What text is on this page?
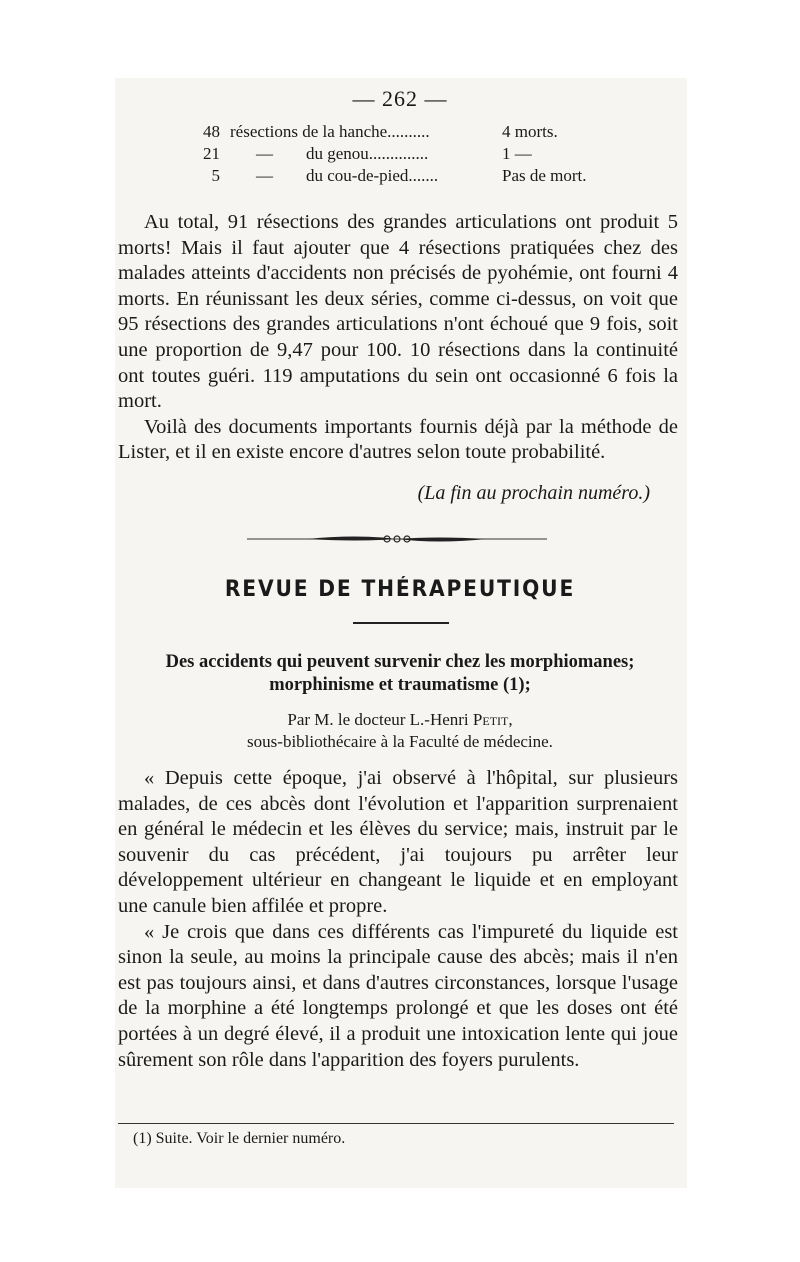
— 262 —
48 résections de la hanche..........	4 morts.
21 — du genou..............	1 —
5 — du cou-de-pied.......	Pas de mort.

Au total, 91 résections des grandes articulations ont produit 5 morts! Mais il faut ajouter que 4 résections pratiquées chez des malades atteints d'accidents non précisés de pyohémie, ont fourni 4 morts. En réunissant les deux séries, comme ci-dessus, on voit que 95 résections des grandes articulations n'ont échoué que 9 fois, soit une proportion de 9,47 pour 100. 10 résections dans la continuité ont toutes guéri. 119 amputations du sein ont occasionné 6 fois la mort.

Voilà des documents importants fournis déjà par la méthode de Lister, et il en existe encore d'autres selon toute probabilité.

(La fin au prochain numéro.)
REVUE DE THÉRAPEUTIQUE
Des accidents qui peuvent survenir chez les morphiomanes;
morphinisme et traumatisme (1);
Par M. le docteur L.-Henri Petit,
sous-bibliothécaire à la Faculté de médecine.

« Depuis cette époque, j'ai observé à l'hôpital, sur plusieurs malades, de ces abcès dont l'évolution et l'apparition surprenaient en général le médecin et les élèves du service; mais, instruit par le souvenir du cas précédent, j'ai toujours pu arrêter leur développement ultérieur en changeant le liquide et en employant une canule bien affilée et propre.

« Je crois que dans ces différents cas l'impureté du liquide est sinon la seule, au moins la principale cause des abcès; mais il n'en est pas toujours ainsi, et dans d'autres circonstances, lorsque l'usage de la morphine a été longtemps prolongé et que les doses ont été portées à un degré élevé, il a produit une intoxication lente qui joue sûrement son rôle dans l'apparition des foyers purulents.

(1) Suite. Voir le dernier numéro.
